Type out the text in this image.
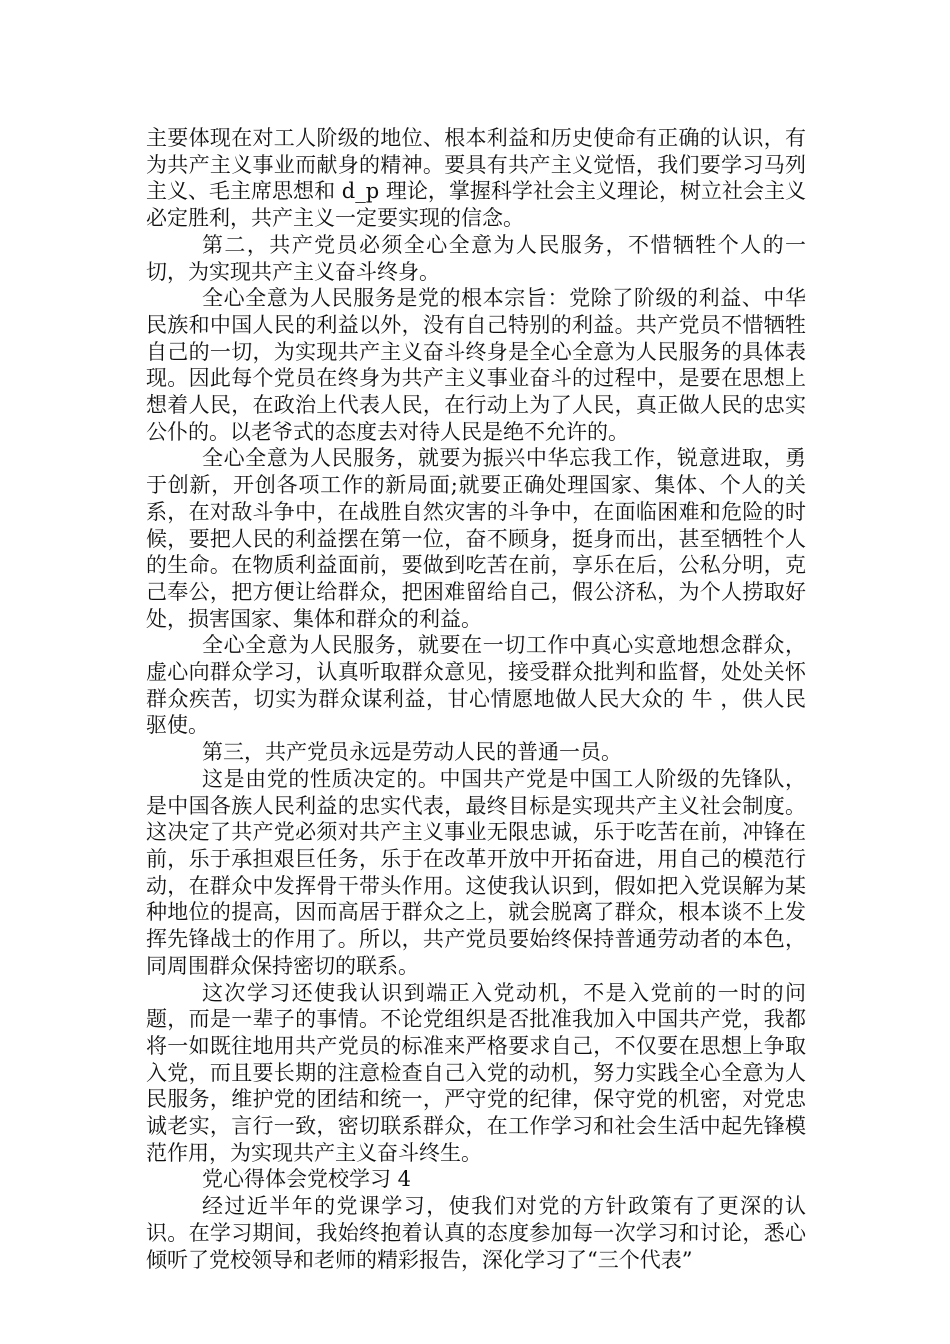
主要体现在对工人阶级的地位、根本利益和历史使命有正确的认识，有为共产主义事业而献身的精神。要具有共产主义觉悟，我们要学习马列主义、毛主席思想和 d_p 理论，掌握科学社会主义理论，树立社会主义必定胜利，共产主义一定要实现的信念。

第二，共产党员必须全心全意为人民服务，不惜牺牲个人的一切，为实现共产主义奋斗终身。

全心全意为人民服务是党的根本宗旨：党除了阶级的利益、中华民族和中国人民的利益以外，没有自己特别的利益。共产党员不惜牺牲自己的一切，为实现共产主义奋斗终身是全心全意为人民服务的具体表现。因此每个党员在终身为共产主义事业奋斗的过程中，是要在思想上想着人民，在政治上代表人民，在行动上为了人民，真正做人民的忠实公仆的。以老爷式的态度去对待人民是绝不允许的。

全心全意为人民服务，就要为振兴中华忘我工作，锐意进取，勇于创新，开创各项工作的新局面;就要正确处理国家、集体、个人的关系，在对敌斗争中，在战胜自然灾害的斗争中，在面临困难和危险的时候，要把人民的利益摆在第一位，奋不顾身，挺身而出，甚至牺牲个人的生命。在物质利益面前，要做到吃苦在前，享乐在后，公私分明，克己奉公，把方便让给群众，把困难留给自己，假公济私，为个人捞取好处，损害国家、集体和群众的利益。

全心全意为人民服务，就要在一切工作中真心实意地想念群众，虚心向群众学习，认真听取群众意见，接受群众批判和监督，处处关怀群众疾苦，切实为群众谋利益，甘心情愿地做人民大众的 牛 ，供人民驱使。

第三，共产党员永远是劳动人民的普通一员。

这是由党的性质决定的。中国共产党是中国工人阶级的先锋队，是中国各族人民利益的忠实代表，最终目标是实现共产主义社会制度。这决定了共产党必须对共产主义事业无限忠诚，乐于吃苦在前，冲锋在前，乐于承担艰巨任务，乐于在改革开放中开拓奋进，用自己的模范行动，在群众中发挥骨干带头作用。这使我认识到，假如把入党误解为某种地位的提高，因而高居于群众之上，就会脱离了群众，根本谈不上发挥先锋战士的作用了。所以，共产党员要始终保持普通劳动者的本色，同周围群众保持密切的联系。

这次学习还使我认识到端正入党动机，不是入党前的一时的问题，而是一辈子的事情。不论党组织是否批准我加入中国共产党，我都将一如既往地用共产党员的标准来严格要求自己，不仅要在思想上争取入党，而且要长期的注意检查自己入党的动机，努力实践全心全意为人民服务，维护党的团结和统一，严守党的纪律，保守党的机密，对党忠诚老实，言行一致，密切联系群众，在工作学习和社会生活中起先锋模范作用，为实现共产主义奋斗终生。

党心得体会党校学习 4

经过近半年的党课学习，使我们对党的方针政策有了更深的认识。在学习期间，我始终抱着认真的态度参加每一次学习和讨论，悉心倾听了党校领导和老师的精彩报告，深化学习了“三个代表”
